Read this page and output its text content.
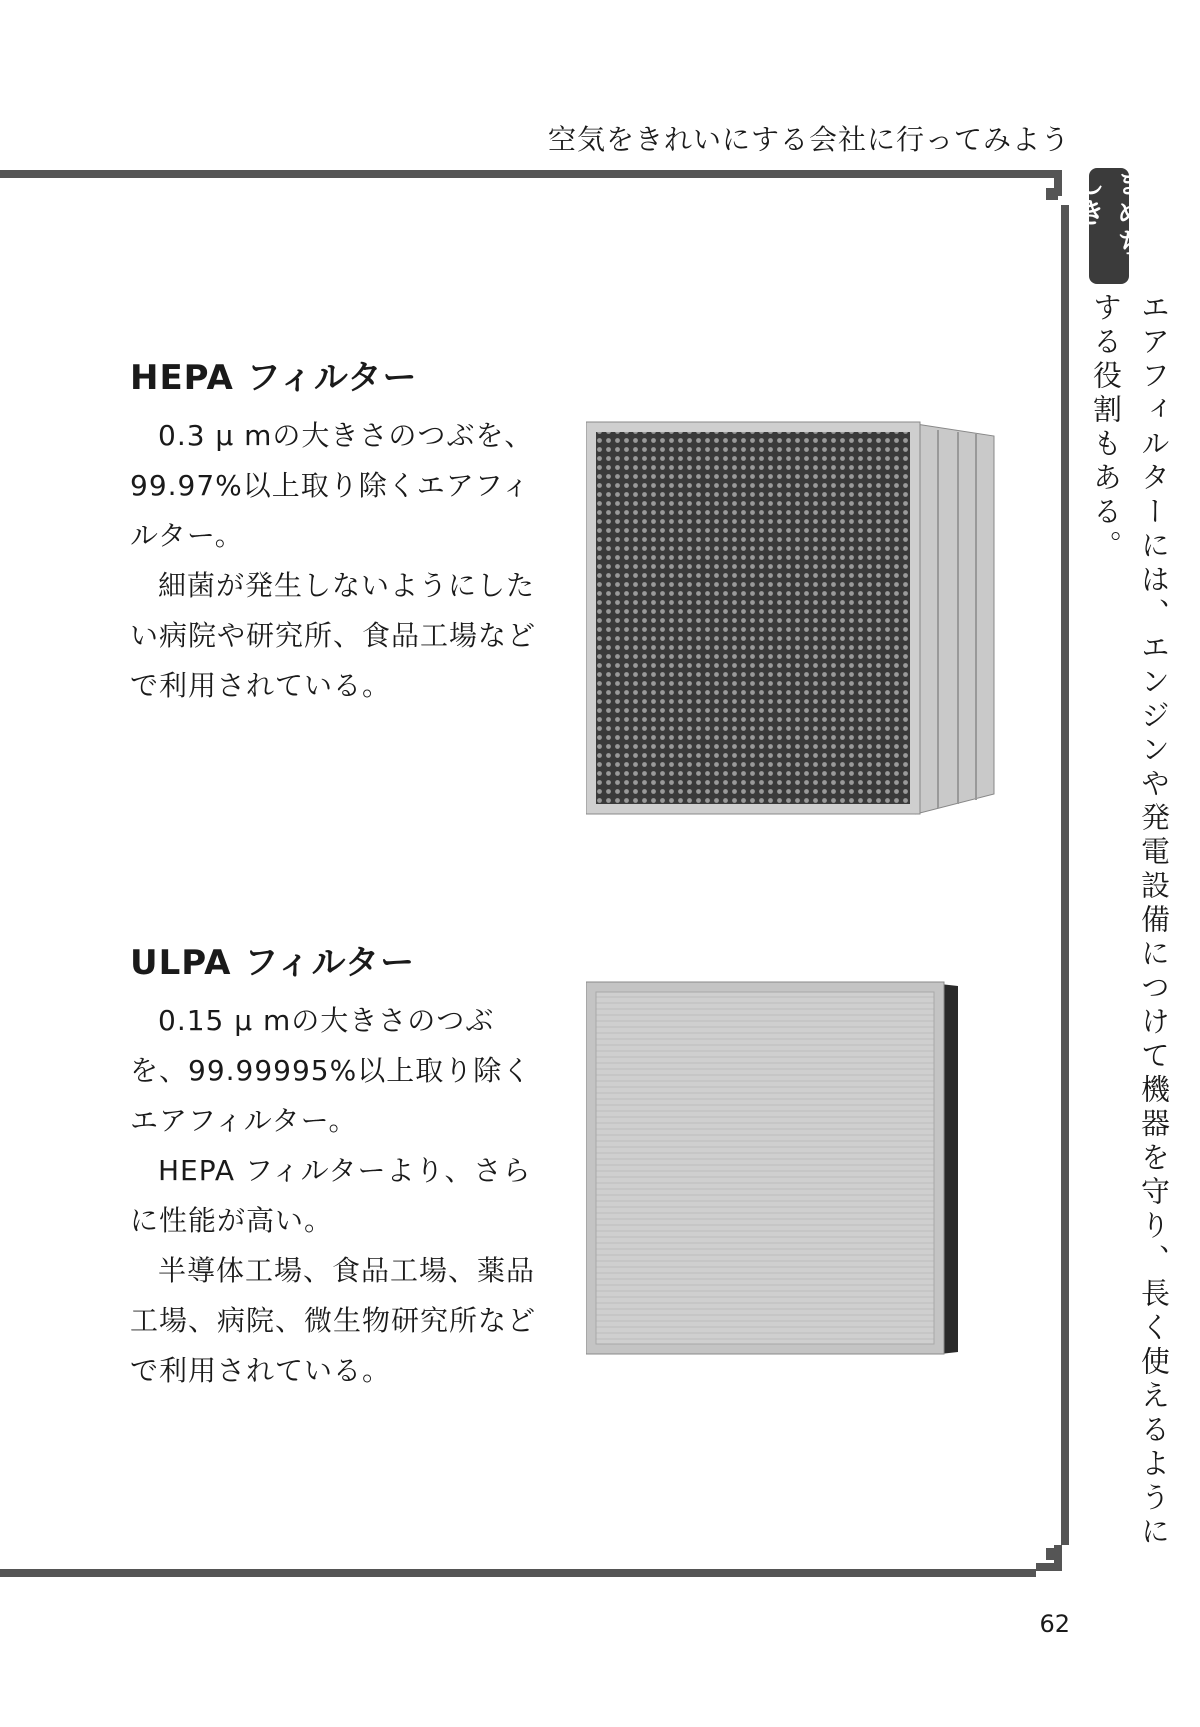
空気をきれいにする会社に行ってみよう
まめちしき
エアフィルターには、エンジンや発電設備につけて機器を守り、長く使えるようにする役割もある。
HEPA フィルター

0.3 μ mの大きさのつぶを、99.97%以上取り除くエアフィルター。

細菌が発生しないようにしたい病院や研究所、食品工場などで利用されている。

ULPA フィルター

0.15 μ mの大きさのつぶを、99.99995%以上取り除くエアフィルター。

HEPA フィルターより、さらに性能が高い。

半導体工場、食品工場、薬品工場、病院、微生物研究所などで利用されている。

62
